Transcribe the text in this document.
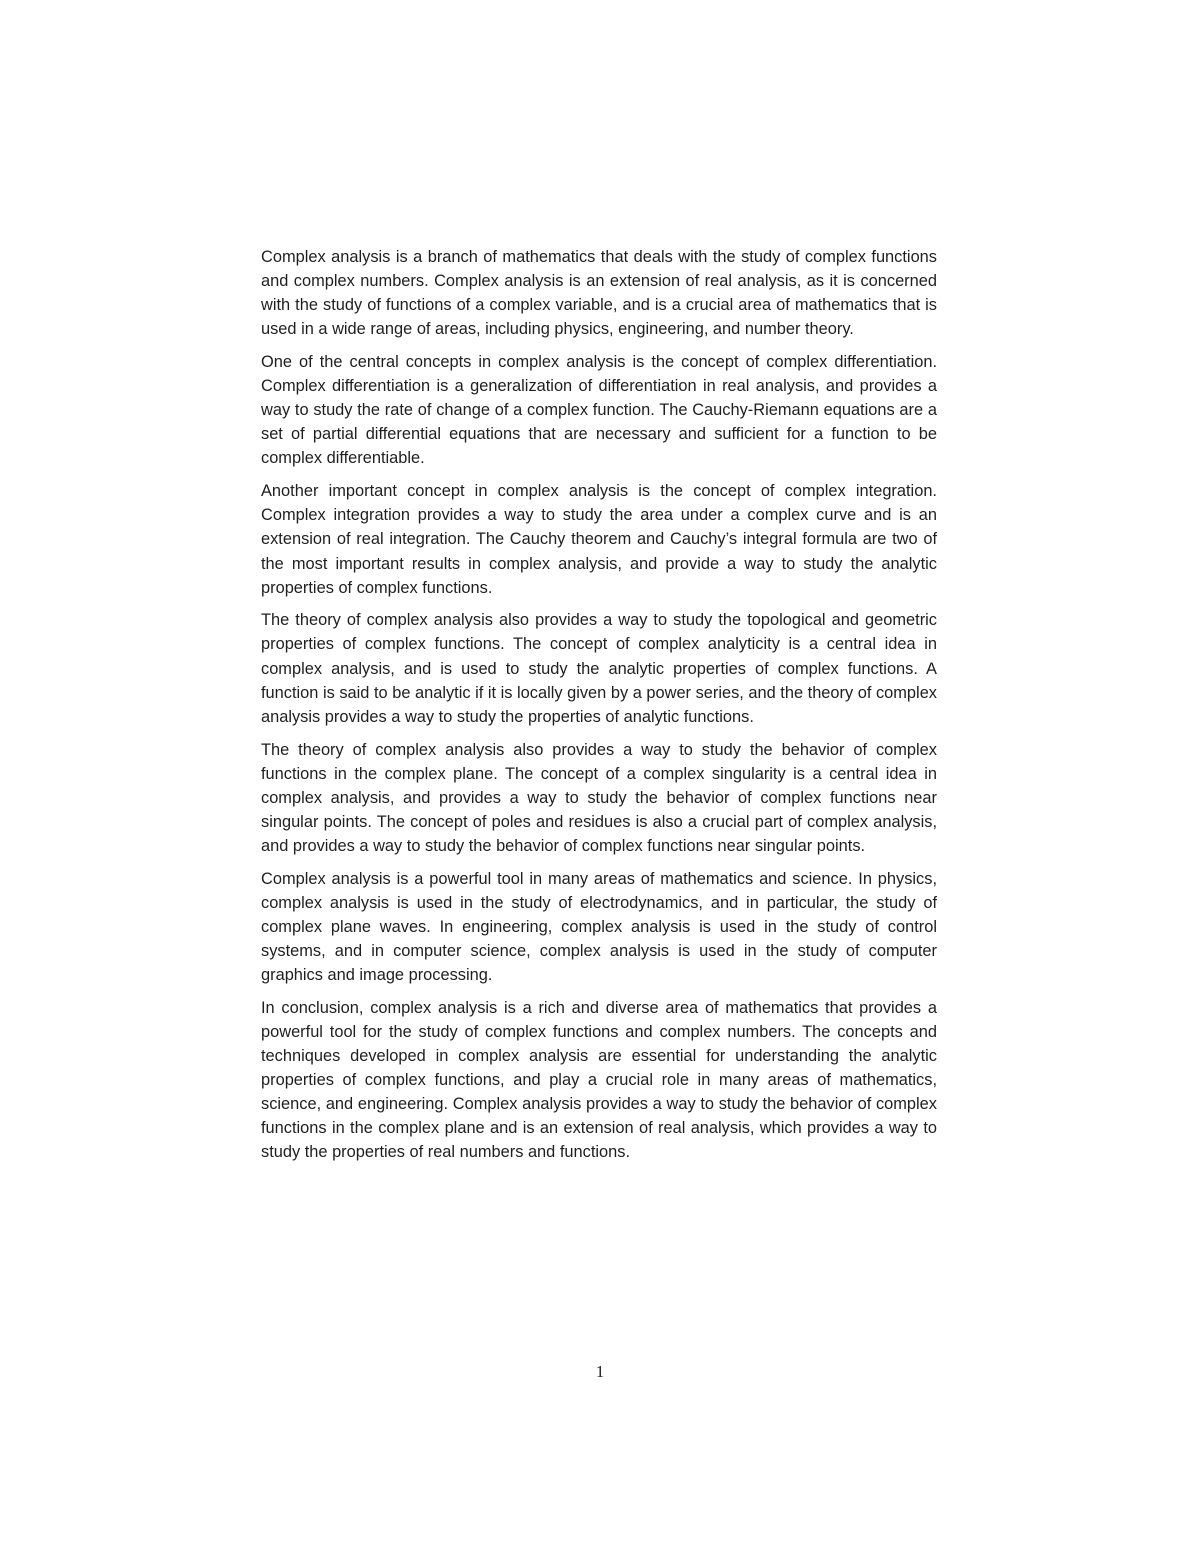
Complex analysis is a branch of mathematics that deals with the study of complex functions and complex numbers. Complex analysis is an extension of real analysis, as it is concerned with the study of functions of a complex variable, and is a crucial area of mathematics that is used in a wide range of areas, including physics, engineering, and number theory.

One of the central concepts in complex analysis is the concept of complex differentiation. Complex differentiation is a generalization of differentiation in real analysis, and provides a way to study the rate of change of a complex function. The Cauchy-Riemann equations are a set of partial differential equations that are necessary and sufficient for a function to be complex differentiable.

Another important concept in complex analysis is the concept of complex integration. Complex integration provides a way to study the area under a complex curve and is an extension of real integration. The Cauchy theorem and Cauchy’s integral formula are two of the most important results in complex analysis, and provide a way to study the analytic properties of complex functions.

The theory of complex analysis also provides a way to study the topological and geometric properties of complex functions. The concept of complex analyticity is a central idea in complex analysis, and is used to study the analytic properties of complex functions. A function is said to be analytic if it is locally given by a power series, and the theory of complex analysis provides a way to study the properties of analytic functions.

The theory of complex analysis also provides a way to study the behavior of complex functions in the complex plane. The concept of a complex singularity is a central idea in complex analysis, and provides a way to study the behavior of complex functions near singular points. The concept of poles and residues is also a crucial part of complex analysis, and provides a way to study the behavior of complex functions near singular points.

Complex analysis is a powerful tool in many areas of mathematics and science. In physics, complex analysis is used in the study of electrodynamics, and in particular, the study of complex plane waves. In engineering, complex analysis is used in the study of control systems, and in computer science, complex analysis is used in the study of computer graphics and image processing.

In conclusion, complex analysis is a rich and diverse area of mathematics that provides a powerful tool for the study of complex functions and complex numbers. The concepts and techniques developed in complex analysis are essential for understanding the analytic properties of complex functions, and play a crucial role in many areas of mathematics, science, and engineering. Complex analysis provides a way to study the behavior of complex functions in the complex plane and is an extension of real analysis, which provides a way to study the properties of real numbers and functions.

1
